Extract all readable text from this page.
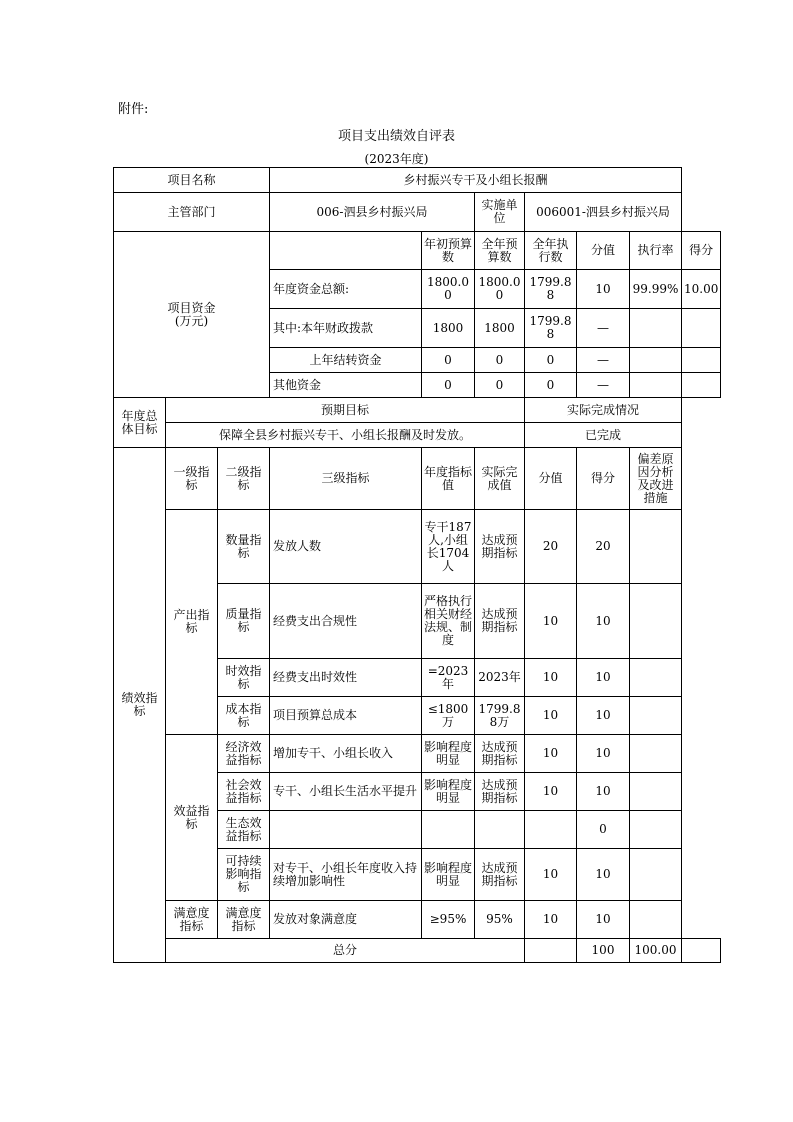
附件:
项目支出绩效自评表
(2023年度)
项目名称			乡村振兴专干及小组长报酬						
主管部门			006-泗县乡村振兴局		实施单位	006001-泗县乡村振兴局			
项目资金
(万元)				年初预算数	全年预算数	全年执行数	分值	执行率	得分
			年度资金总额:	1800.00	1800.00	1799.88	10	99.99%	10.00
			其中:本年财政拨款	1800	1800	1799.88	—		
			上年结转资金	0	0	0	—		
			其他资金	0	0	0	—		
年度总体目标	预期目标					实际完成情况			
	保障全县乡村振兴专干、小组长报酬及时发放。					已完成			
绩效指标	一级指标	二级指标	三级指标	年度指标值	实际完成值	分值	得分	偏差原因分析及改进措施	
	产出指标	数量指标	发放人数	专干187人,小组长1704人	达成预期指标	20	20		
		质量指标	经费支出合规性	严格执行相关财经法规、制度	达成预期指标	10	10		
		时效指标	经费支出时效性	=2023年	2023年	10	10		
		成本指标	项目预算总成本	≤1800万	1799.88万	10	10		
	效益指标	经济效益指标	增加专干、小组长收入	影响程度明显	达成预期指标	10	10		
		社会效益指标	专干、小组长生活水平提升	影响程度明显	达成预期指标	10	10		
		生态效益指标					0		
		可持续影响指标	对专干、小组长年度收入持续增加影响性	影响程度明显	达成预期指标	10	10		
	满意度指标	满意度指标	发放对象满意度	≥95%	95%	10	10		
	总分						100	100.00	
